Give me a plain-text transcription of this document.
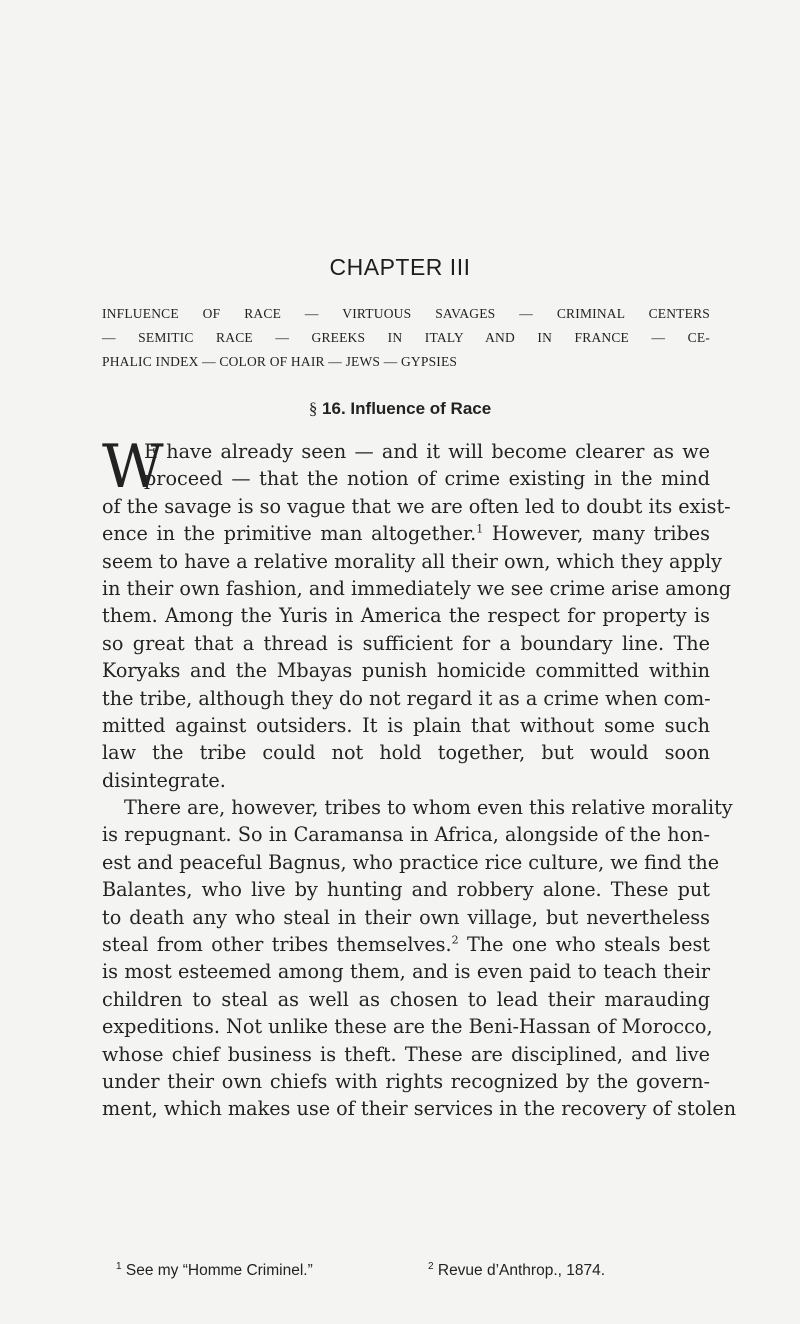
CHAPTER III
INFLUENCE OF RACE — VIRTUOUS SAVAGES — CRIMINAL CENTERS
— SEMITIC RACE — GREEKS IN ITALY AND IN FRANCE — CE-
PHALIC INDEX — COLOR OF HAIR — JEWS — GYPSIES
§ 16. Influence of Race
W
E have already seen — and it will become clearer as we
proceed — that the notion of crime existing in the mind
of the savage is so vague that we are often led to doubt its exist-
ence in the primitive man altogether.$^1$ However, many tribes
seem to have a relative morality all their own, which they apply
in their own fashion, and immediately we see crime arise among
them. Among the Yuris in America the respect for property is
so great that a thread is sufficient for a boundary line. The
Koryaks and the Mbayas punish homicide committed within
the tribe, although they do not regard it as a crime when com-
mitted against outsiders. It is plain that without some such
law the tribe could not hold together, but would soon
disintegrate.
There are, however, tribes to whom even this relative morality
is repugnant. So in Caramansa in Africa, alongside of the hon-
est and peaceful Bagnus, who practice rice culture, we find the
Balantes, who live by hunting and robbery alone. These put
to death any who steal in their own village, but nevertheless
steal from other tribes themselves.$^2$ The one who steals best
is most esteemed among them, and is even paid to teach their
children to steal as well as chosen to lead their marauding
expeditions. Not unlike these are the Beni-Hassan of Morocco,
whose chief business is theft. These are disciplined, and live
under their own chiefs with rights recognized by the govern-
ment, which makes use of their services in the recovery of stolen
$^1$ See my “Homme Criminel.”	$^2$ Revue d’Anthrop., 1874.
